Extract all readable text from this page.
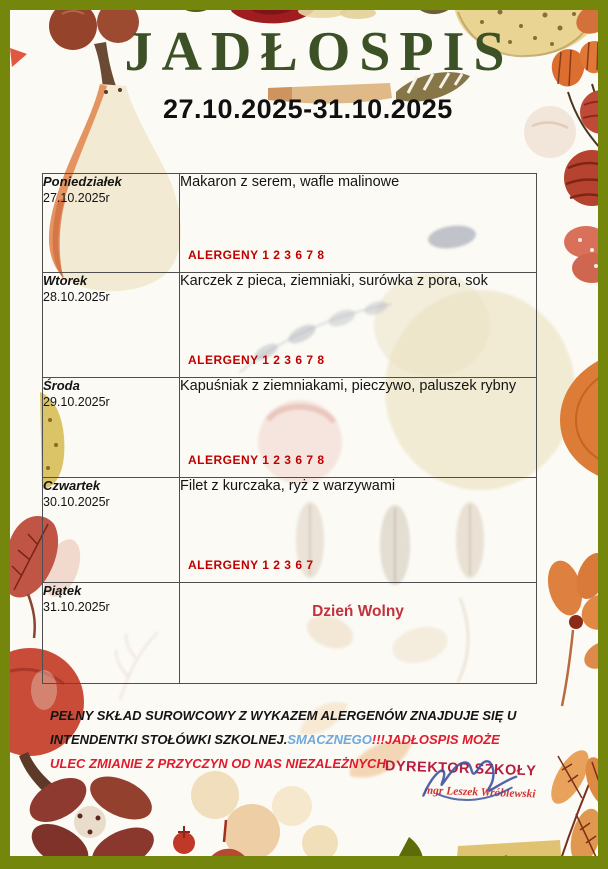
JADŁOSPIS
27.10.2025-31.10.2025
Poniedziałek
27.10.2025r

Makaron z serem, wafle malinowe
ALERGENY 1 2 3 6 7 8

Wtorek
28.10.2025r

Karczek z pieca, ziemniaki, surówka z pora, sok
ALERGENY 1 2 3 6 7 8

Środa
29.10.2025r

Kapuśniak z ziemniakami, pieczywo, paluszek rybny
ALERGENY 1 2 3 6 7 8

Czwartek
30.10.2025r

Filet z kurczaka, ryż z warzywami
ALERGENY 1 2 3 6 7

Piątek
31.10.2025r	Dzień Wolny

PEŁNY SKŁAD SUROWCOWY Z WYKAZEM ALERGENÓW ZNAJDUJE SIĘ U INTENDENTKI STOŁÓWKI SZKOLNEJ.SMACZNEGO!!!JADŁOSPIS MOŻE ULEC ZMIANIE Z PRZYCZYN OD NAS NIEZALEŻNYCH.

DYREKTOR SZKOŁY
mgr Leszek Wróblewski
